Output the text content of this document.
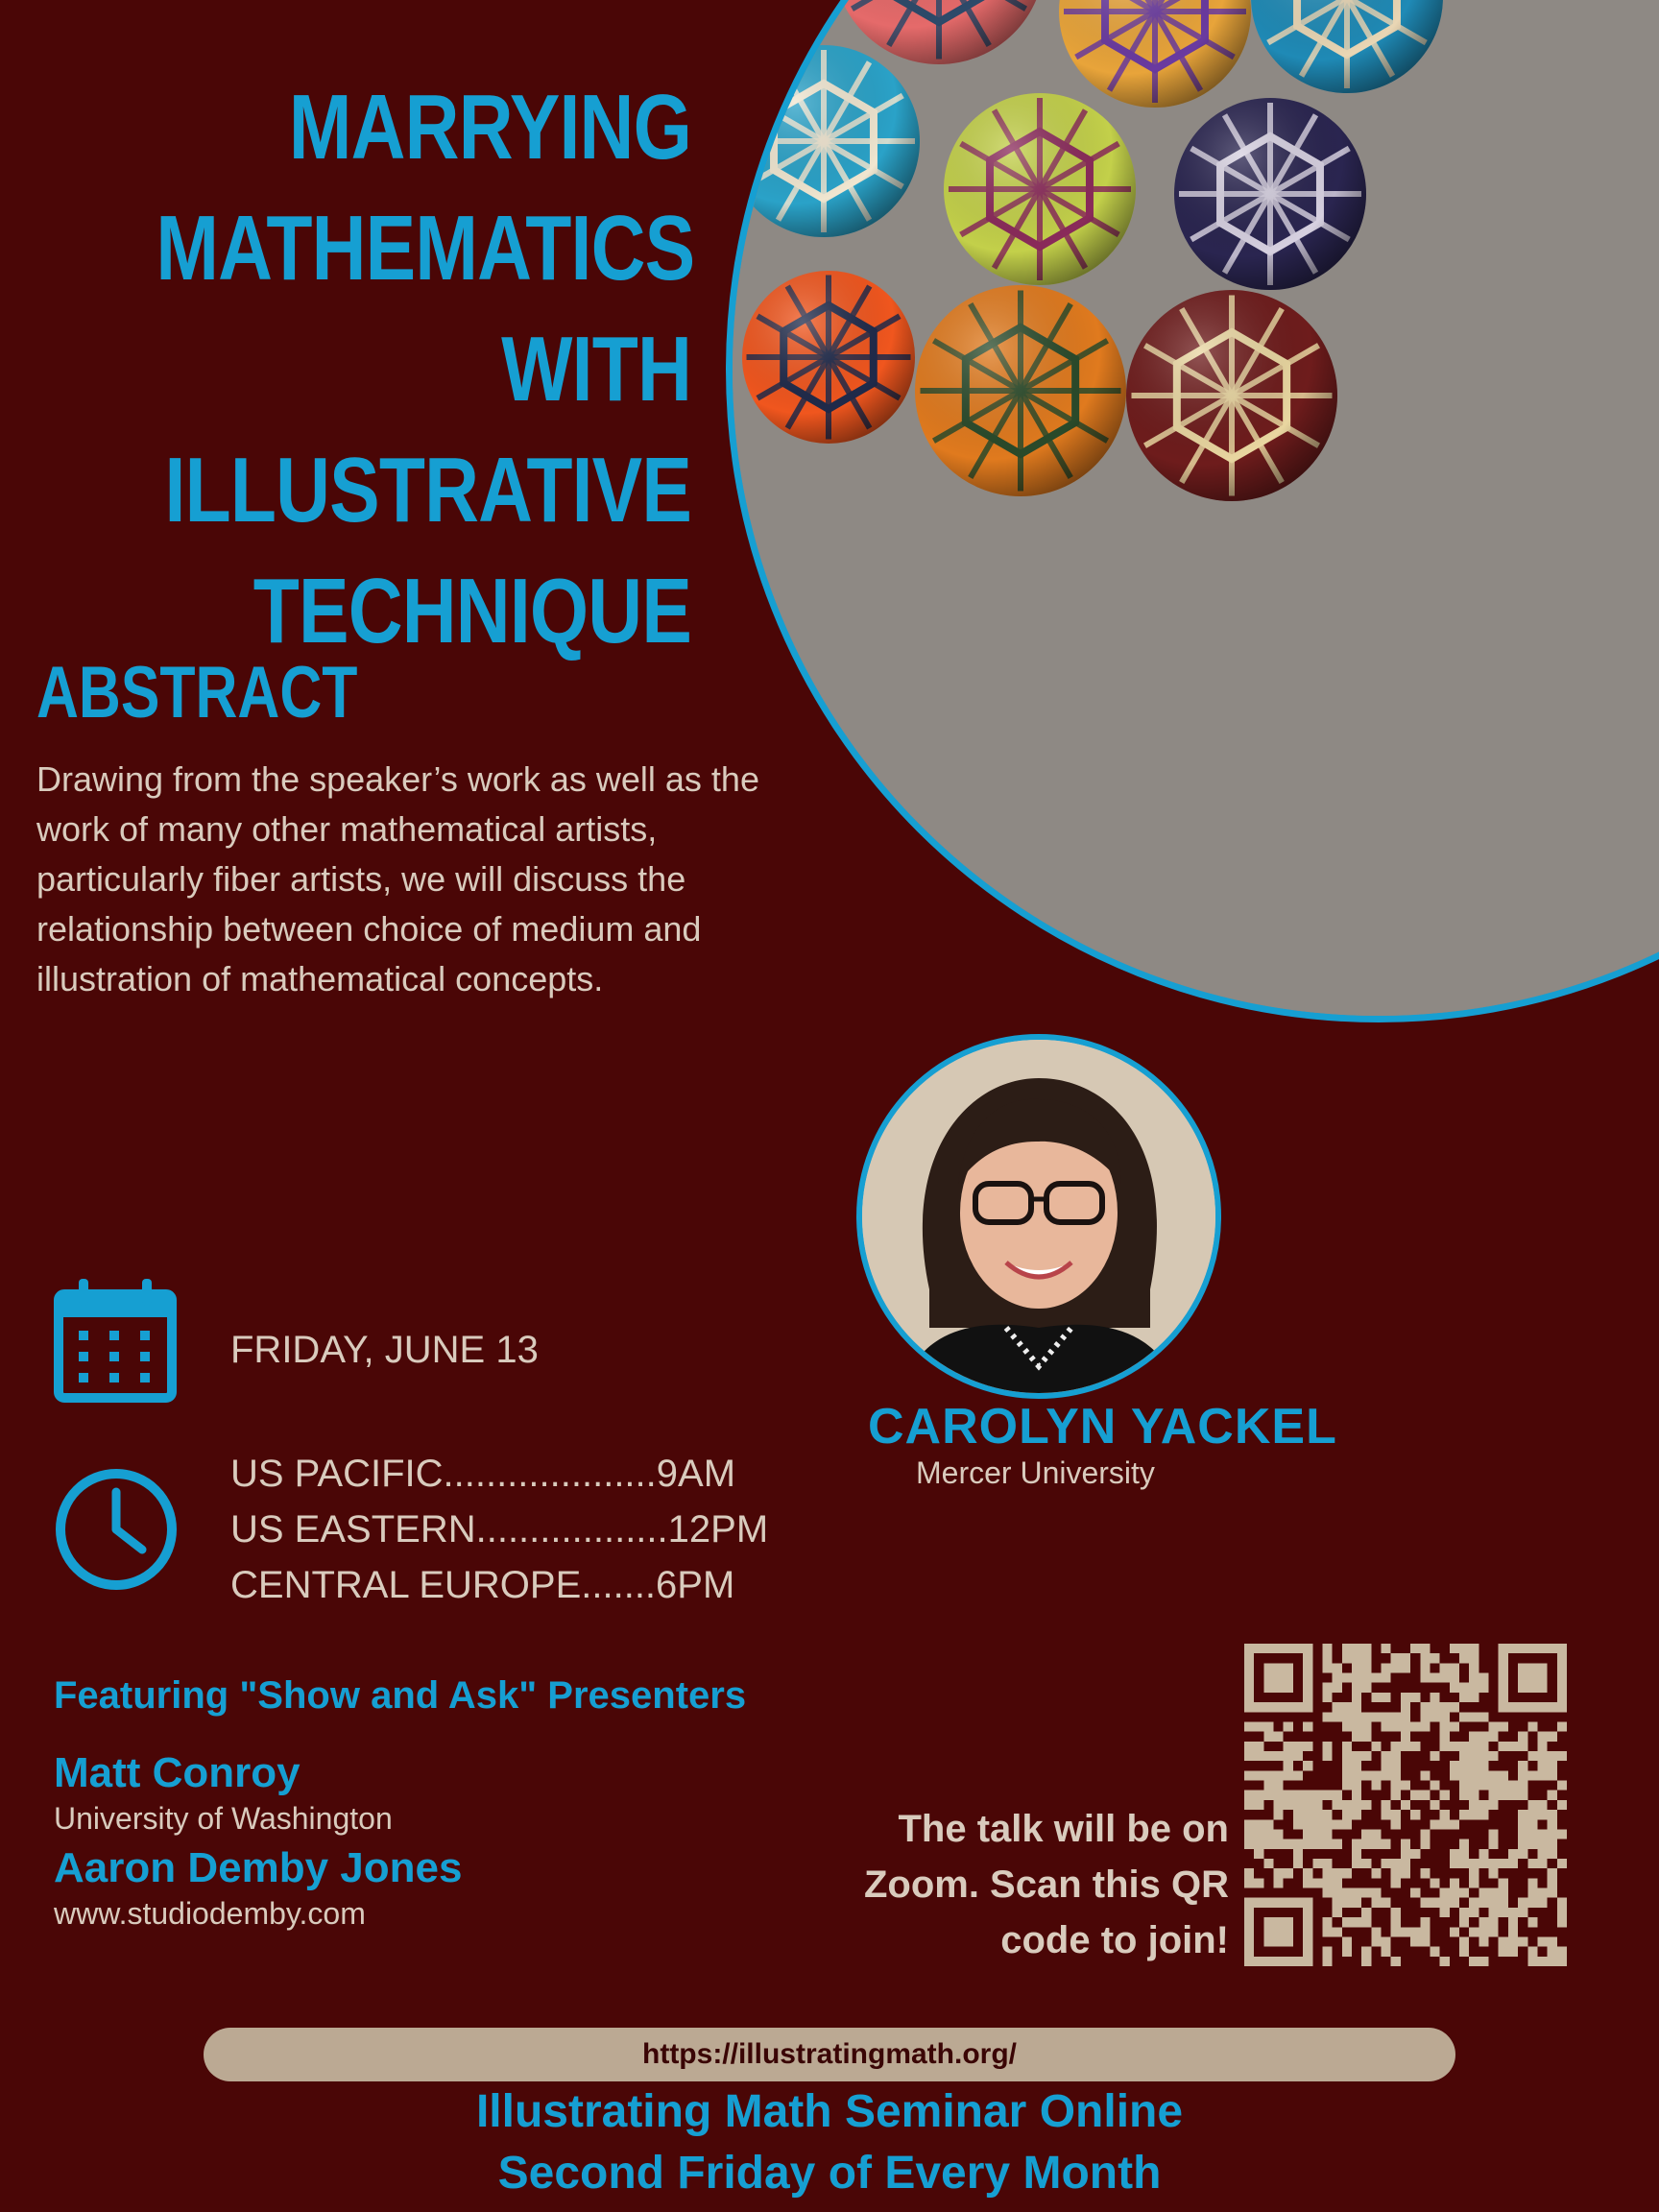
MARRYING
MATHEMATICS WITH
ILLUSTRATIVE
TECHNIQUE
ABSTRACT

Drawing from the speaker’s work as well as the work of many other mathematical artists, particularly fiber artists, we will discuss the relationship between choice of medium and illustration of mathematical concepts.

CAROLYN YACKEL

Mercer University

FRIDAY, JUNE 13

US PACIFIC....................9AM
US EASTERN..................12PM
CENTRAL EUROPE.......6PM

Featuring "Show and Ask" Presenters

Matt Conroy

University of Washington

Aaron Demby Jones

www.studiodemby.com

The talk will be on Zoom. Scan this QR code to join!

https://illustratingmath.org/
Illustrating Math Seminar Online
Second Friday of Every Month
